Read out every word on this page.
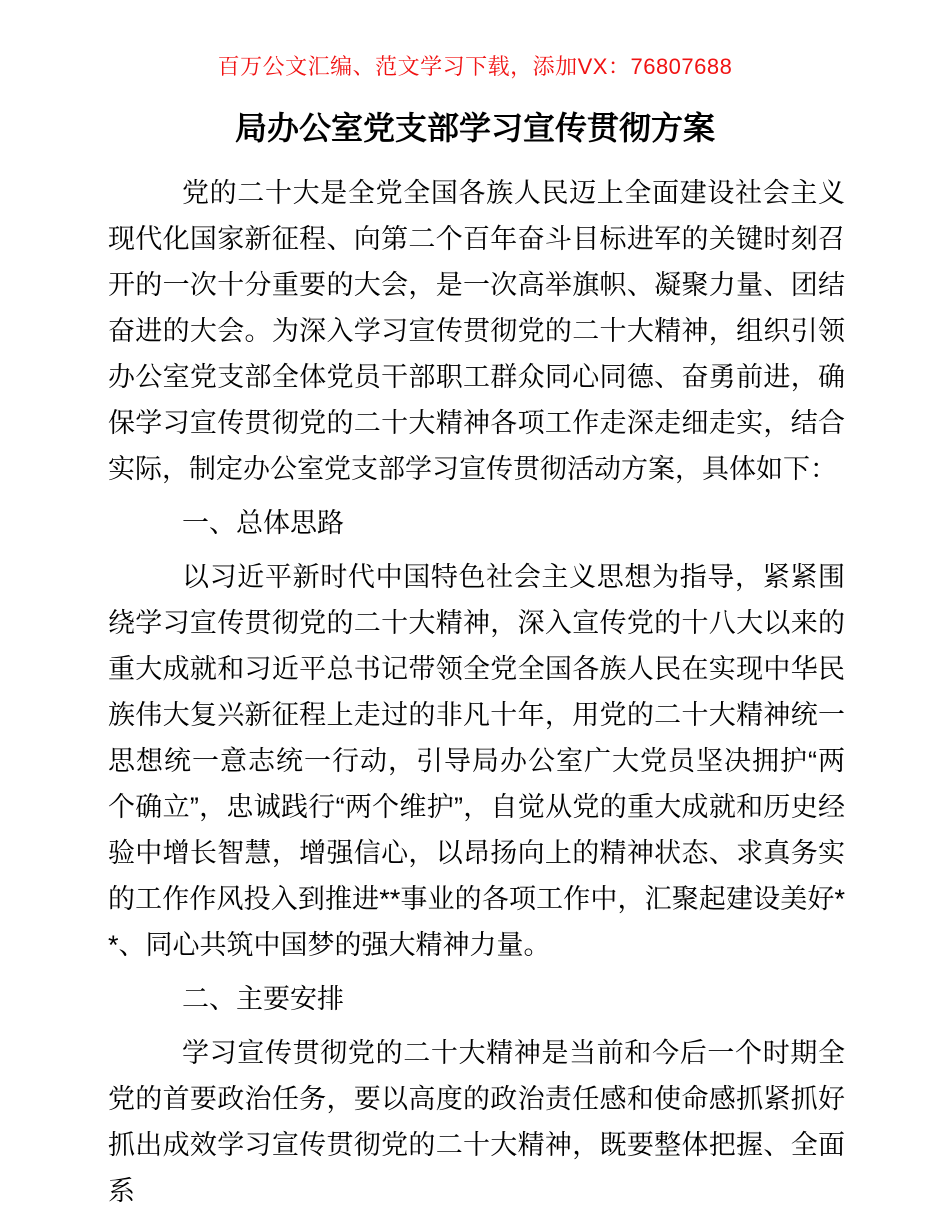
百万公文汇编、范文学习下载，添加VX：76807688
局办公室党支部学习宣传贯彻方案

党的二十大是全党全国各族人民迈上全面建设社会主义现代化国家新征程、向第二个百年奋斗目标进军的关键时刻召开的一次十分重要的大会，是一次高举旗帜、凝聚力量、团结奋进的大会。为深入学习宣传贯彻党的二十大精神，组织引领办公室党支部全体党员干部职工群众同心同德、奋勇前进，确保学习宣传贯彻党的二十大精神各项工作走深走细走实，结合实际，制定办公室党支部学习宣传贯彻活动方案，具体如下：

一、总体思路

以习近平新时代中国特色社会主义思想为指导，紧紧围绕学习宣传贯彻党的二十大精神，深入宣传党的十八大以来的重大成就和习近平总书记带领全党全国各族人民在实现中华民族伟大复兴新征程上走过的非凡十年，用党的二十大精神统一思想统一意志统一行动，引导局办公室广大党员坚决拥护“两个确立”，忠诚践行“两个维护”，自觉从党的重大成就和历史经验中增长智慧，增强信心，以昂扬向上的精神状态、求真务实的工作作风投入到推进**事业的各项工作中，汇聚起建设美好**、同心共筑中国梦的强大精神力量。

二、主要安排

学习宣传贯彻党的二十大精神是当前和今后一个时期全党的首要政治任务，要以高度的政治责任感和使命感抓紧抓好抓出成效学习宣传贯彻党的二十大精神，既要整体把握、全面系
